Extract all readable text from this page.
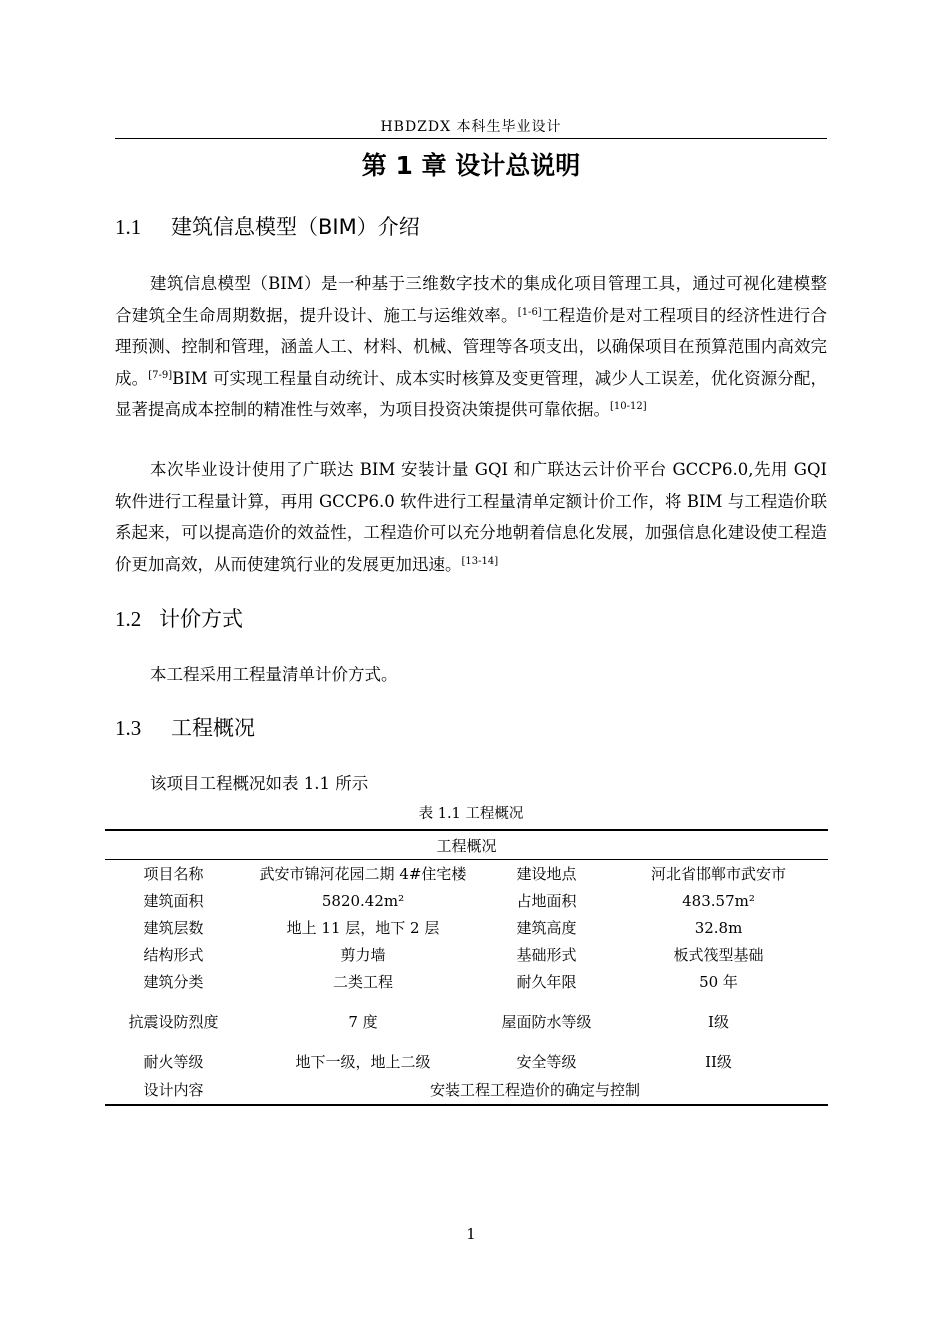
HBDZDX 本科生毕业设计
第 1 章 设计总说明
1.1 建筑信息模型（BIM）介绍

建筑信息模型（BIM）是一种基于三维数字技术的集成化项目管理工具，通过可视化建模整合建筑全生命周期数据，提升设计、施工与运维效率。[1-6]工程造价是对工程项目的经济性进行合理预测、控制和管理，涵盖人工、材料、机械、管理等各项支出，以确保项目在预算范围内高效完成。[7-9]BIM 可实现工程量自动统计、成本实时核算及变更管理，减少人工误差，优化资源分配，显著提高成本控制的精准性与效率，为项目投资决策提供可靠依据。[10-12]

本次毕业设计使用了广联达 BIM 安装计量 GQI 和广联达云计价平台 GCCP6.0,先用 GQI 软件进行工程量计算，再用 GCCP6.0 软件进行工程量清单定额计价工作，将 BIM 与工程造价联系起来，可以提高造价的效益性，工程造价可以充分地朝着信息化发展，加强信息化建设使工程造价更加高效，从而使建筑行业的发展更加迅速。[13-14]

1.2 计价方式

本工程采用工程量清单计价方式。

1.3 工程概况

该项目工程概况如表 1.1 所示

表 1.1 工程概况
工程概况			
项目名称	武安市锦河花园二期 4#住宅楼	建设地点	河北省邯郸市武安市
建筑面积	5820.42m²	占地面积	483.57m²
建筑层数	地上 11 层，地下 2 层	建筑高度	32.8m
结构形式	剪力墙	基础形式	板式筏型基础
建筑分类	二类工程	耐久年限	50 年
抗震设防烈度	7 度	屋面防水等级	I级
耐火等级	地下一级，地上二级	安全等级	II级
设计内容	安装工程工程造价的确定与控制		
1
